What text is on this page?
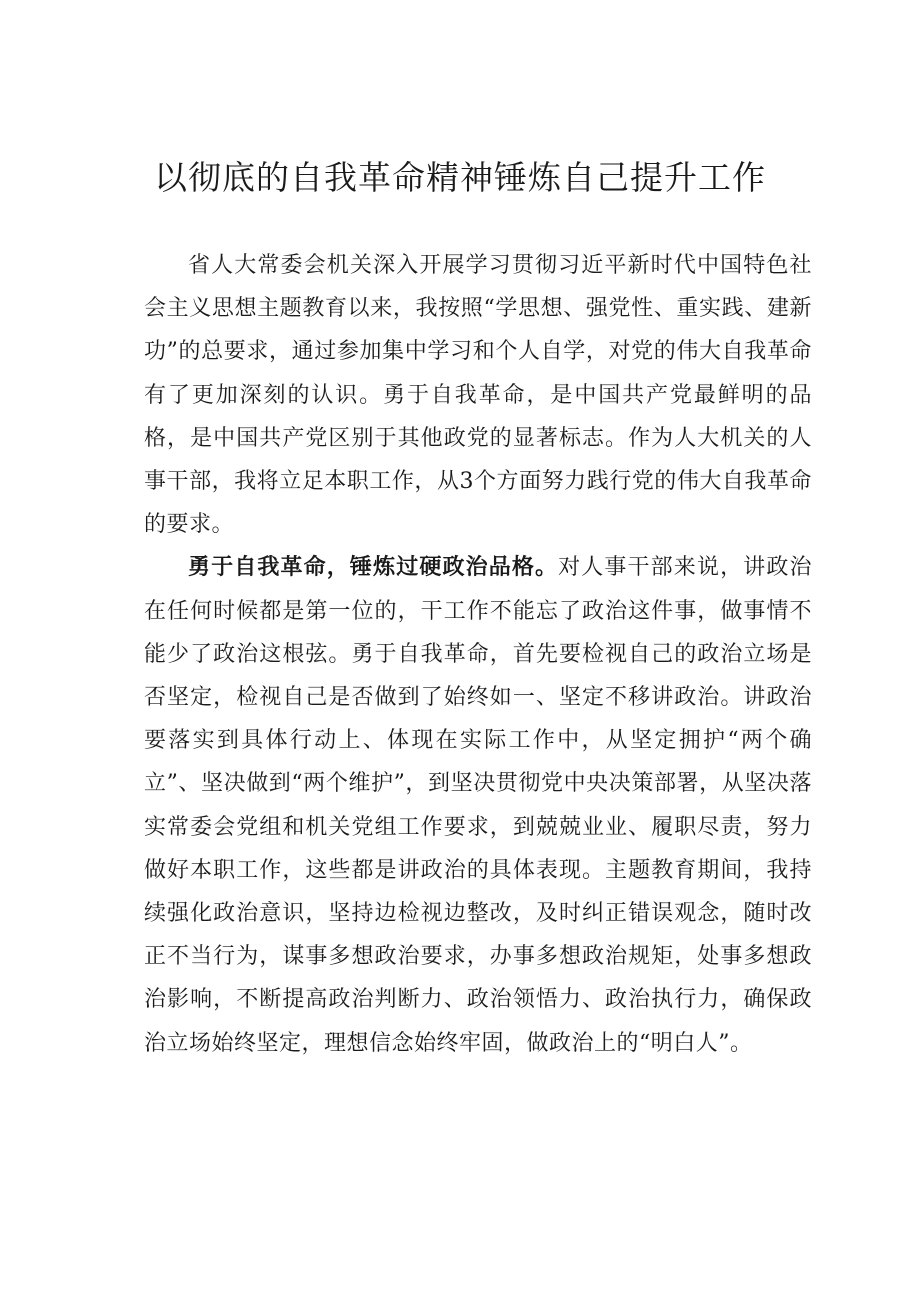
以彻底的自我革命精神锤炼自己提升工作

省人大常委会机关深入开展学习贯彻习近平新时代中国特色社会主义思想主题教育以来，我按照“学思想、强党性、重实践、建新功”的总要求，通过参加集中学习和个人自学，对党的伟大自我革命有了更加深刻的认识。勇于自我革命，是中国共产党最鲜明的品格，是中国共产党区别于其他政党的显著标志。作为人大机关的人事干部，我将立足本职工作，从3个方面努力践行党的伟大自我革命的要求。

勇于自我革命，锤炼过硬政治品格。对人事干部来说，讲政治在任何时候都是第一位的，干工作不能忘了政治这件事，做事情不能少了政治这根弦。勇于自我革命，首先要检视自己的政治立场是否坚定，检视自己是否做到了始终如一、坚定不移讲政治。讲政治要落实到具体行动上、体现在实际工作中，从坚定拥护“两个确立”、坚决做到“两个维护”，到坚决贯彻党中央决策部署，从坚决落实常委会党组和机关党组工作要求，到兢兢业业、履职尽责，努力做好本职工作，这些都是讲政治的具体表现。主题教育期间，我持续强化政治意识，坚持边检视边整改，及时纠正错误观念，随时改正不当行为，谋事多想政治要求，办事多想政治规矩，处事多想政治影响，不断提高政治判断力、政治领悟力、政治执行力，确保政治立场始终坚定，理想信念始终牢固，做政治上的“明白人”。
